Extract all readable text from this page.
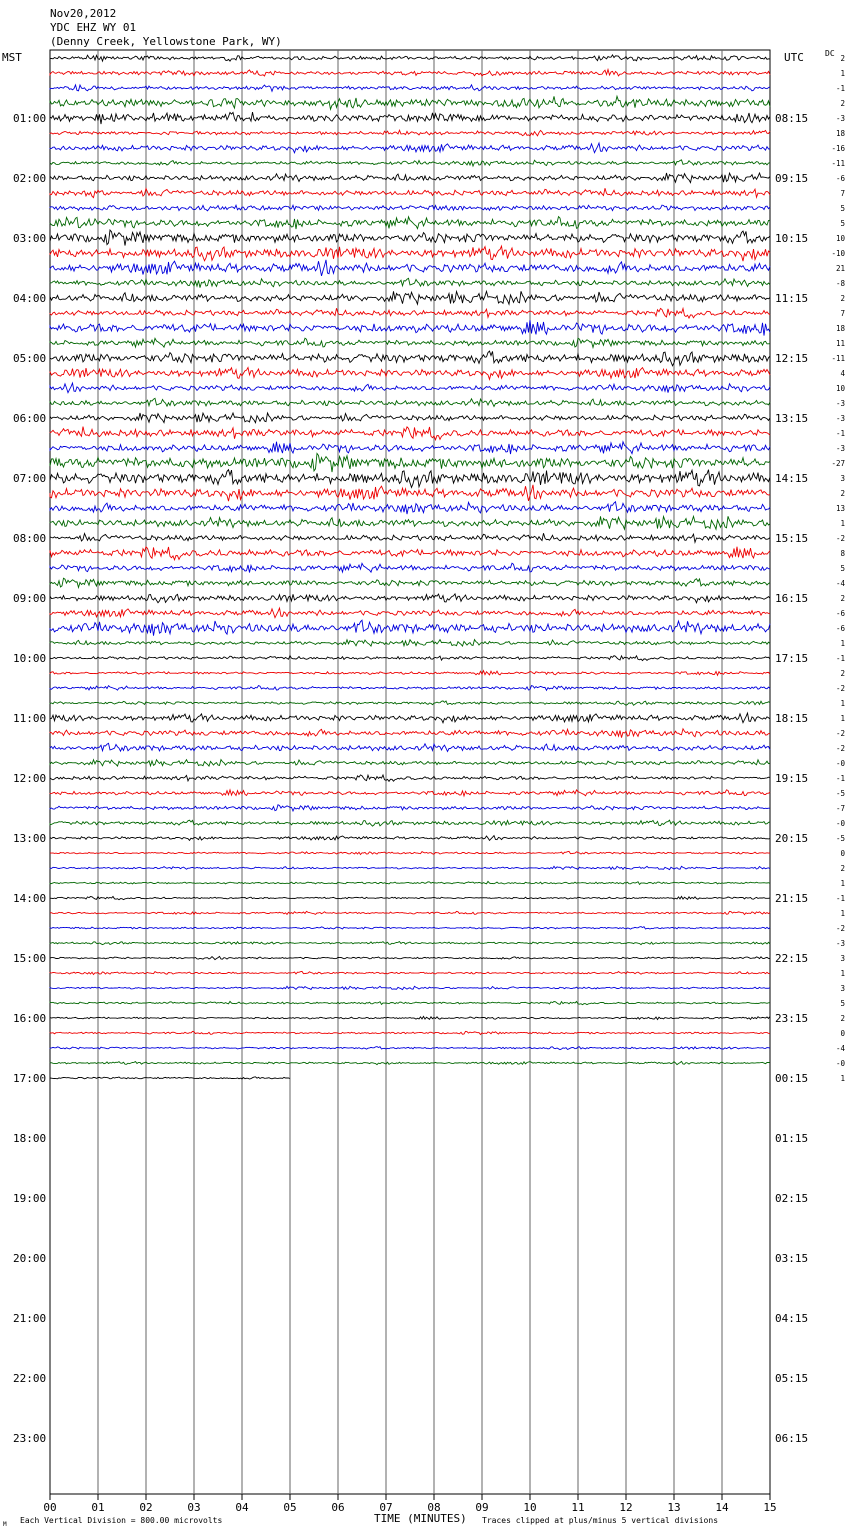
Nov20,2012
YDC EHZ WY 01
(Denny Creek, Yellowstone Park, WY)
MST	UTC	DC
01:00
02:00
03:00
04:00
05:00
06:00
07:00
08:00
09:00
10:00
11:00
12:00
13:00
14:00
15:00
16:00
17:00
18:00
19:00
20:00
21:00
22:00
23:00
08:15
09:15
10:15
11:15
12:15
13:15
14:15
15:15
16:15
17:15
18:15
19:15
20:15
21:15
22:15
23:15
00:15
01:15
02:15
03:15
04:15
05:15
06:15
2
1
-1
2
-3
18
-16
-11
-6
7
5
5
10
-10
21
-8
2
7
18
11
-11
4
10
-3
-3
-1
-3
-27
3
2
13
1
-2
8
5
-4
2
-6
-6
1
-1
2
-2
1
1
-2
-2
-0
-1
-5
-7
-0
-5
0
2
1
-1
1
-2
-3
3
1
3
5
2
0
-4
-0
1
00	01	02	03	04	05	06	07	08	09	10	11	12	13	14	15
TIME (MINUTES)
Each Vertical Division = 800.00 microvolts	Traces clipped at plus/minus 5 vertical divisions
M
